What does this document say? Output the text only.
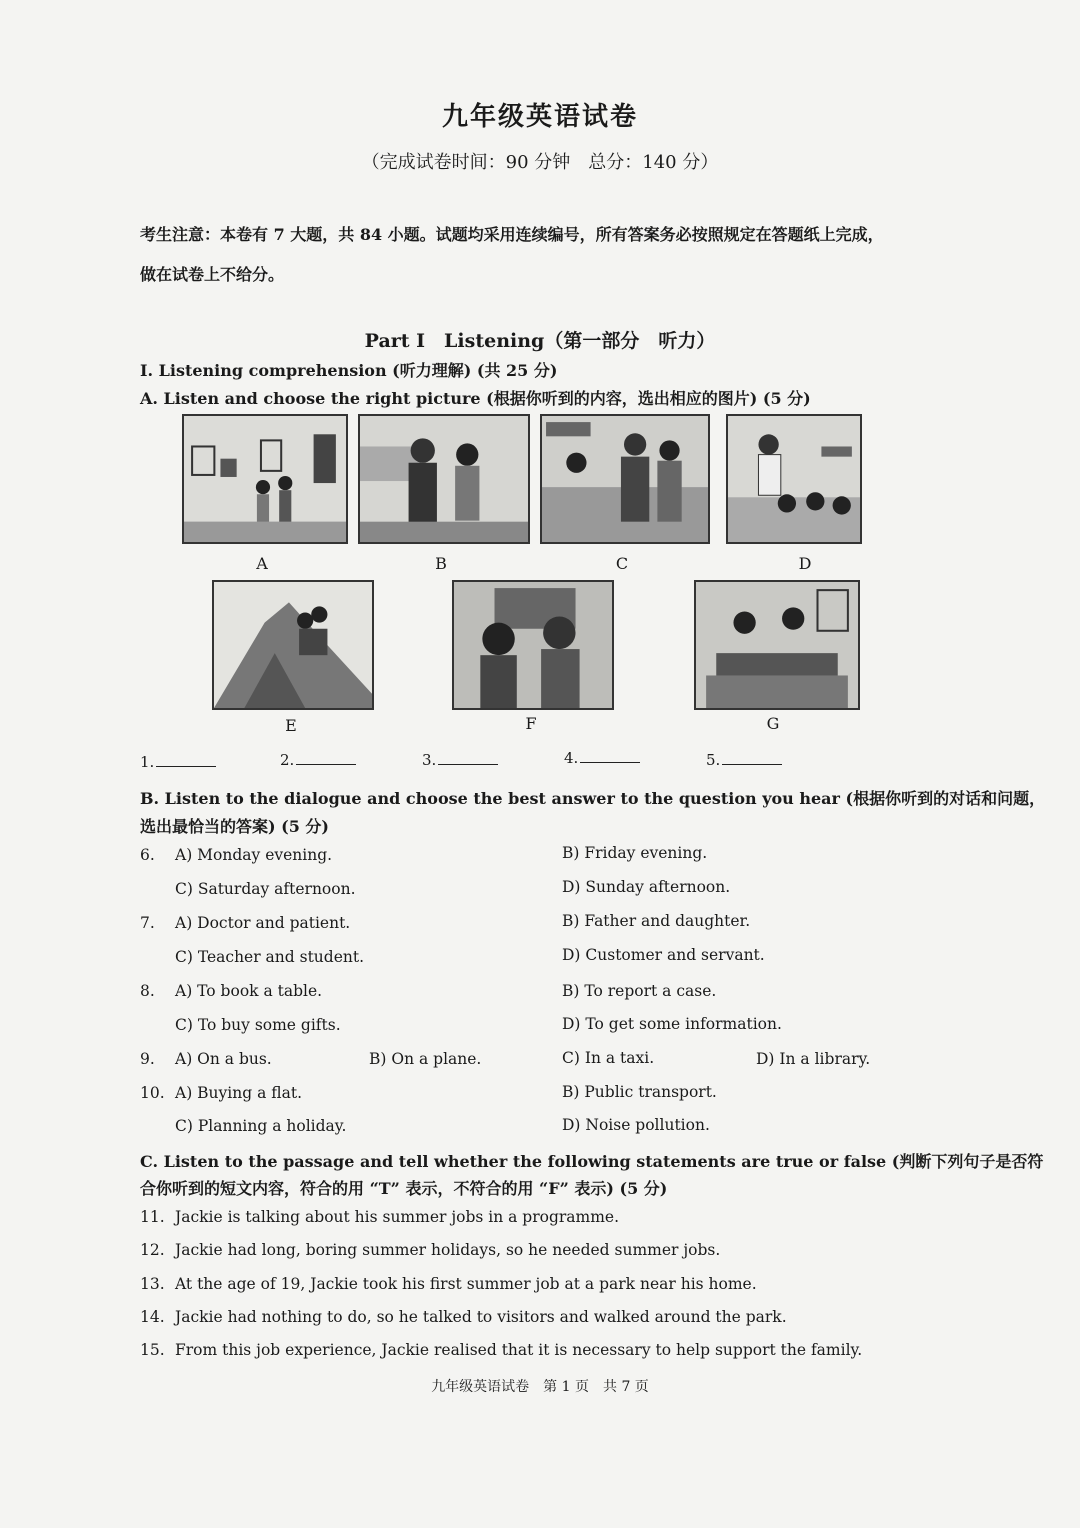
九年级英语试卷
（完成试卷时间：90 分钟　总分：140 分）
考生注意：本卷有 7 大题，共 84 小题。试题均采用连续编号，所有答案务必按照规定在答题纸上完成，
做在试卷上不给分。
Part I　Listening（第一部分　听力）
I. Listening comprehension (听力理解) (共 25 分)
A. Listen and choose the right picture (根据你听到的内容，选出相应的图片) (5 分)
A	B	C	D
E	F	G
1.	2.	3.	4.	5.
B. Listen to the dialogue and choose the best answer to the question you hear (根据你听到的对话和问题，
选出最恰当的答案) (5 分)
6. A) Monday evening.	B) Friday evening.
C) Saturday afternoon.	D) Sunday afternoon.
7. A) Doctor and patient.	B) Father and daughter.
C) Teacher and student.	D) Customer and servant.
8. A) To book a table.	B) To report a case.
C) To buy some gifts.	D) To get some information.
9. A) On a bus.	B) On a plane.	C) In a taxi.	D) In a library.
10. A) Buying a flat.	B) Public transport.
C) Planning a holiday.	D) Noise pollution.
C. Listen to the passage and tell whether the following statements are true or false (判断下列句子是否符
合你听到的短文内容，符合的用 “T” 表示，不符合的用 “F” 表示) (5 分)
11. Jackie is talking about his summer jobs in a programme.
12. Jackie had long, boring summer holidays, so he needed summer jobs.
13. At the age of 19, Jackie took his first summer job at a park near his home.
14. Jackie had nothing to do, so he talked to visitors and walked around the park.
15. From this job experience, Jackie realised that it is necessary to help support the family.
九年级英语试卷　第 1 页　共 7 页
